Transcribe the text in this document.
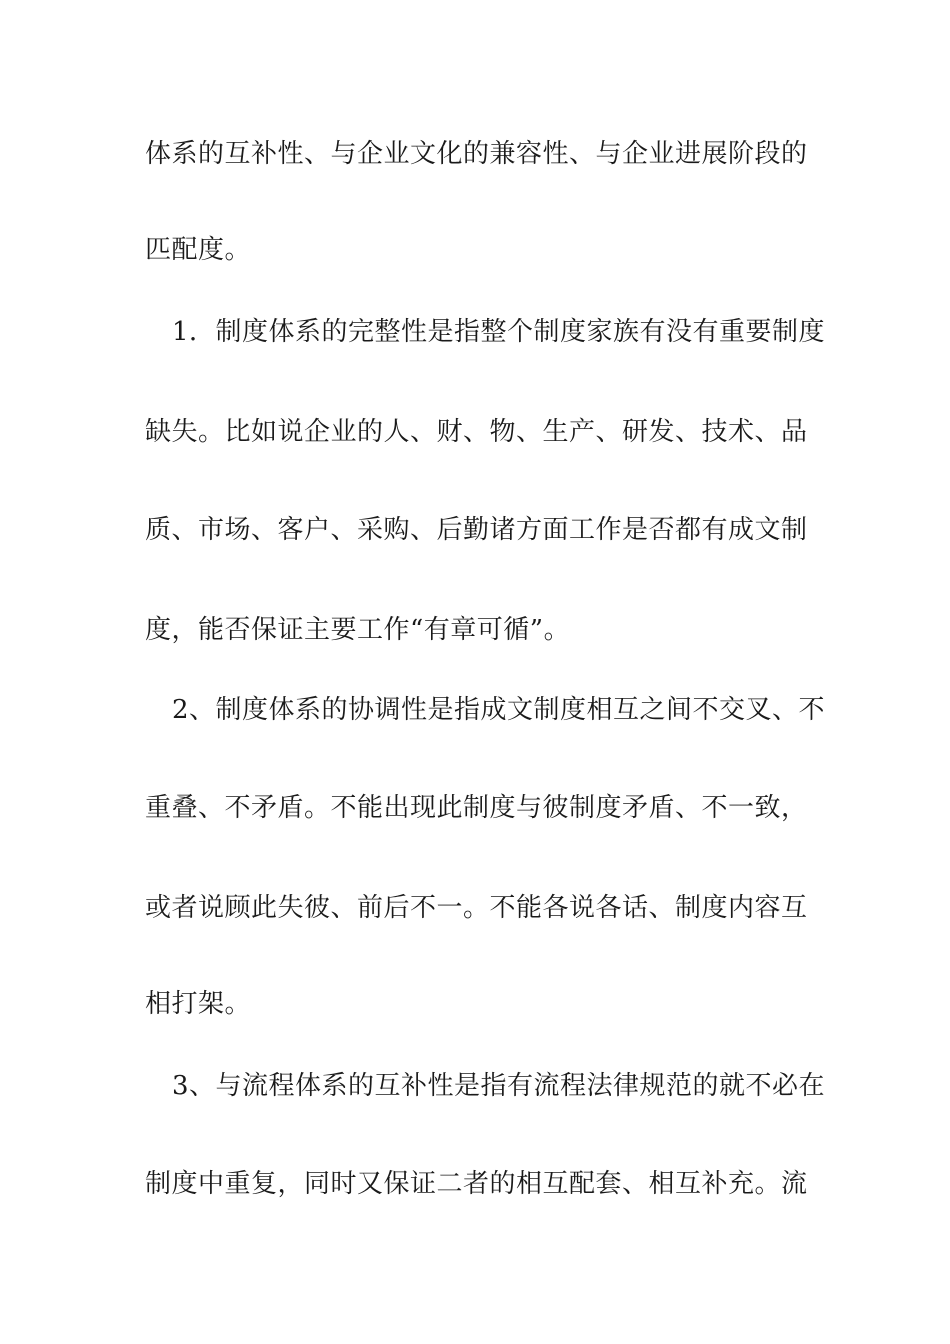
体系的互补性、与企业文化的兼容性、与企业进展阶段的
匹配度。
1．制度体系的完整性是指整个制度家族有没有重要制度
缺失。比如说企业的人、财、物、生产、研发、技术、品
质、市场、客户、采购、后勤诸方面工作是否都有成文制
度，能否保证主要工作“有章可循”。
2、制度体系的协调性是指成文制度相互之间不交叉、不
重叠、不矛盾。不能出现此制度与彼制度矛盾、不一致，
或者说顾此失彼、前后不一。不能各说各话、制度内容互
相打架。
3、与流程体系的互补性是指有流程法律规范的就不必在
制度中重复，同时又保证二者的相互配套、相互补充。流
